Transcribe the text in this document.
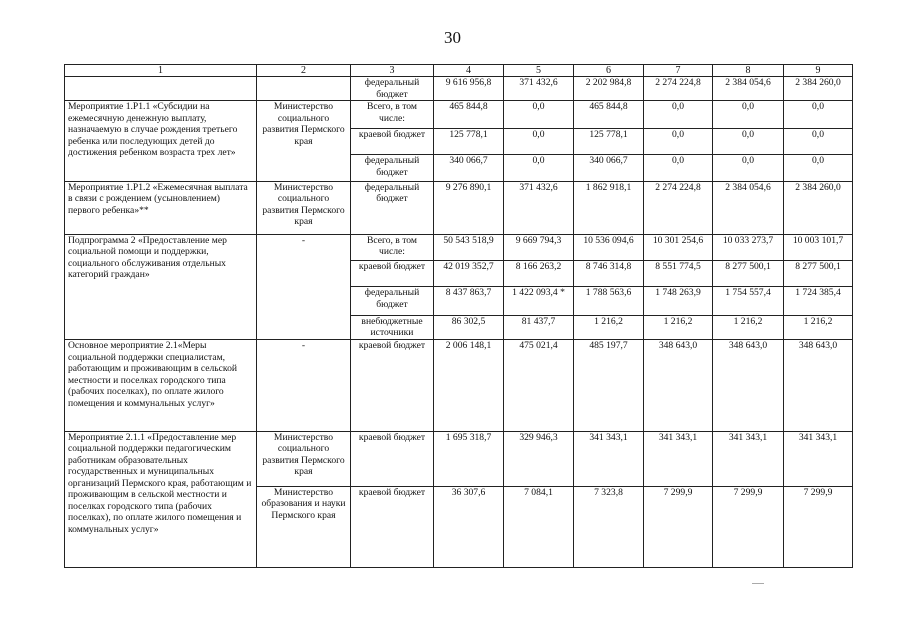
30
1	2	3	4	5	6	7	8	9
		федеральный бюджет	9 616 956,8	371 432,6	2 202 984,8	2 274 224,8	2 384 054,6	2 384 260,0
Мероприятие 1.Р1.1 «Субсидии на ежемесячную денежную выплату, назначаемую в случае рождения третьего ребенка или последующих детей до достижения ребенком возраста трех лет»	Министерство социального развития Пермского края	Всего, в том числе:	465 844,8	0,0	465 844,8	0,0	0,0	0,0
		краевой бюджет	125 778,1	0,0	125 778,1	0,0	0,0	0,0
		федеральный бюджет	340 066,7	0,0	340 066,7	0,0	0,0	0,0
Мероприятие 1.Р1.2 «Ежемесячная выплата в связи с рождением (усыновлением) первого ребенка»**	Министерство социального развития Пермского края	федеральный бюджет	9 276 890,1	371 432,6	1 862 918,1	2 274 224,8	2 384 054,6	2 384 260,0
Подпрограмма 2 «Предоставление мер социальной помощи и поддержки, социального обслуживания отдельных категорий граждан»	-	Всего, в том числе:	50 543 518,9	9 669 794,3	10 536 094,6	10 301 254,6	10 033 273,7	10 003 101,7
		краевой бюджет	42 019 352,7	8 166 263,2	8 746 314,8	8 551 774,5	8 277 500,1	8 277 500,1
		федеральный бюджет	8 437 863,7	1 422 093,4 *	1 788 563,6	1 748 263,9	1 754 557,4	1 724 385,4
		внебюджетные источники	86 302,5	81 437,7	1 216,2	1 216,2	1 216,2	1 216,2
Основное мероприятие 2.1«Меры социальной поддержки специалистам, работающим и проживающим в сельской местности и поселках городского типа (рабочих поселках), по оплате жилого помещения и коммунальных услуг»	-	краевой бюджет	2 006 148,1	475 021,4	485 197,7	348 643,0	348 643,0	348 643,0
Мероприятие 2.1.1 «Предоставление мер социальной поддержки педагогическим работникам образовательных государственных и муниципальных организаций Пермского края, работающим и проживающим в сельской местности и поселках городского типа (рабочих поселках), по оплате жилого помещения и коммунальных услуг»	Министерство социального развития Пермского края	краевой бюджет	1 695 318,7	329 946,3	341 343,1	341 343,1	341 343,1	341 343,1
	Министерство образования и науки Пермского края	краевой бюджет	36 307,6	7 084,1	7 323,8	7 299,9	7 299,9	7 299,9
